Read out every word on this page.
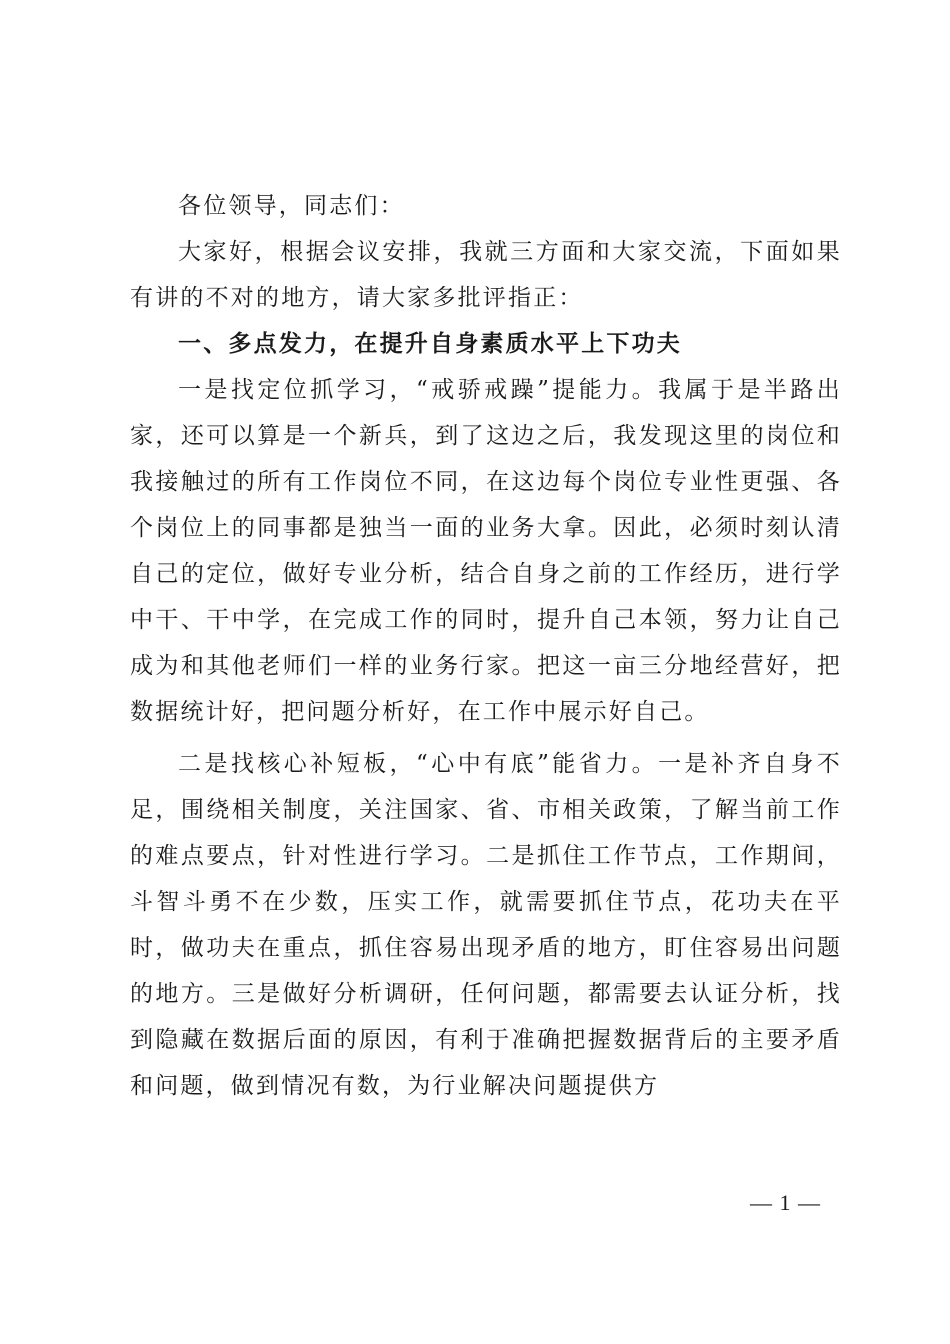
各位领导，同志们：

大家好，根据会议安排，我就三方面和大家交流，下面如果有讲的不对的地方，请大家多批评指正：

一、多点发力，在提升自身素质水平上下功夫

一是找定位抓学习，“戒骄戒躁”提能力。我属于是半路出家，还可以算是一个新兵，到了这边之后，我发现这里的岗位和我接触过的所有工作岗位不同，在这边每个岗位专业性更强、各个岗位上的同事都是独当一面的业务大拿。因此，必须时刻认清自己的定位，做好专业分析，结合自身之前的工作经历，进行学中干、干中学，在完成工作的同时，提升自己本领，努力让自己成为和其他老师们一样的业务行家。把这一亩三分地经营好，把数据统计好，把问题分析好，在工作中展示好自己。

二是找核心补短板，“心中有底”能省力。一是补齐自身不足，围绕相关制度，关注国家、省、市相关政策，了解当前工作的难点要点，针对性进行学习。二是抓住工作节点，工作期间，斗智斗勇不在少数，压实工作，就需要抓住节点，花功夫在平时，做功夫在重点，抓住容易出现矛盾的地方，盯住容易出问题的地方。三是做好分析调研，任何问题，都需要去认证分析，找到隐藏在数据后面的原因，有利于准确把握数据背后的主要矛盾和问题，做到情况有数，为行业解决问题提供方

— 1 —
